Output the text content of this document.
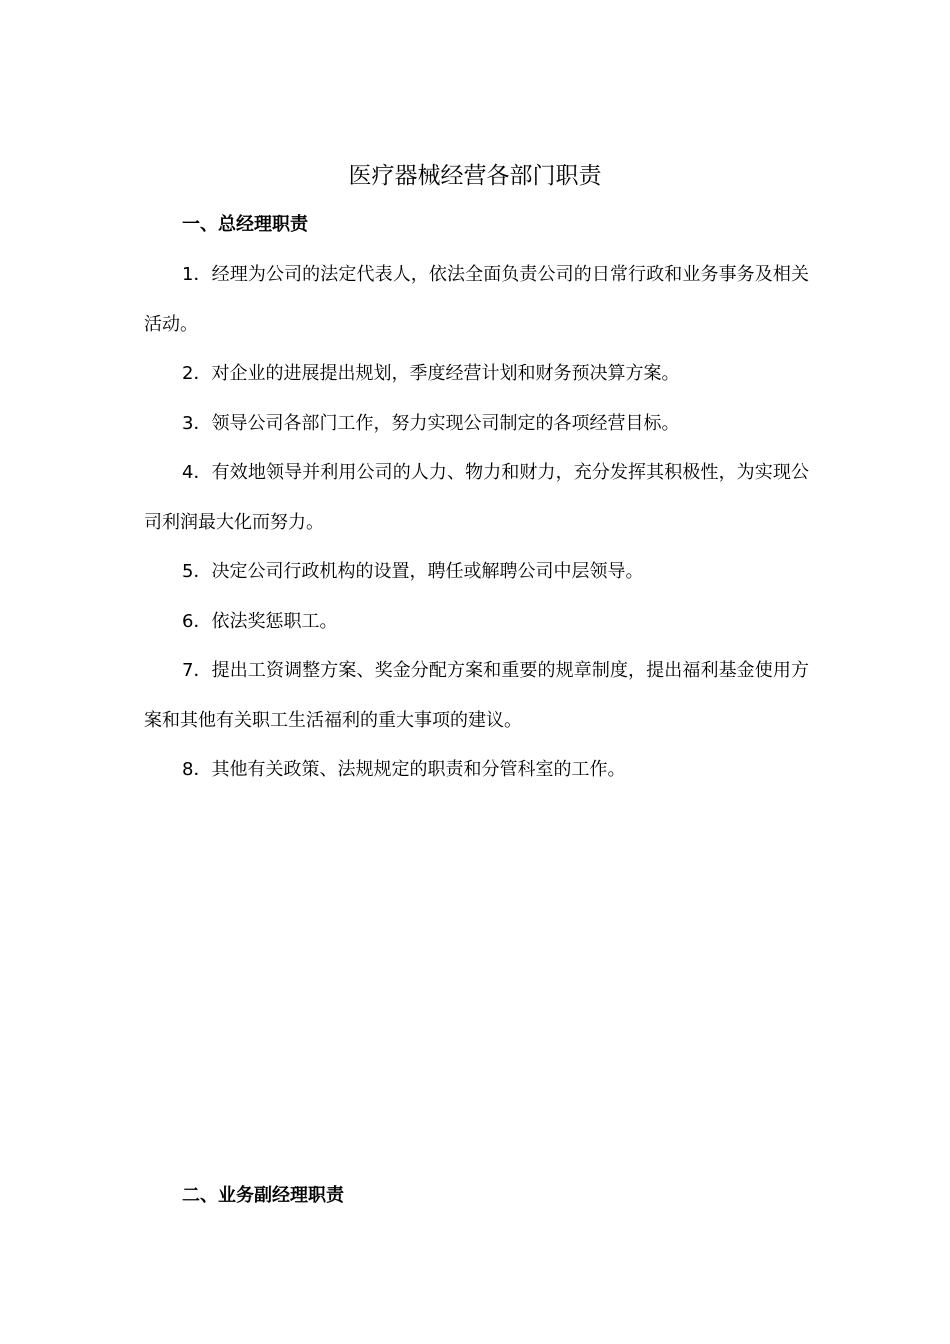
医疗器械经营各部门职责
一、总经理职责

1．经理为公司的法定代表人，依法全面负责公司的日常行政和业务事务及相关活动。

2．对企业的进展提出规划，季度经营计划和财务预决算方案。

3．领导公司各部门工作，努力实现公司制定的各项经营目标。

4．有效地领导并利用公司的人力、物力和财力，充分发挥其积极性，为实现公司利润最大化而努力。

5．决定公司行政机构的设置，聘任或解聘公司中层领导。

6．依法奖惩职工。

7．提出工资调整方案、奖金分配方案和重要的规章制度，提出福利基金使用方案和其他有关职工生活福利的重大事项的建议。

8．其他有关政策、法规规定的职责和分管科室的工作。

二、业务副经理职责
